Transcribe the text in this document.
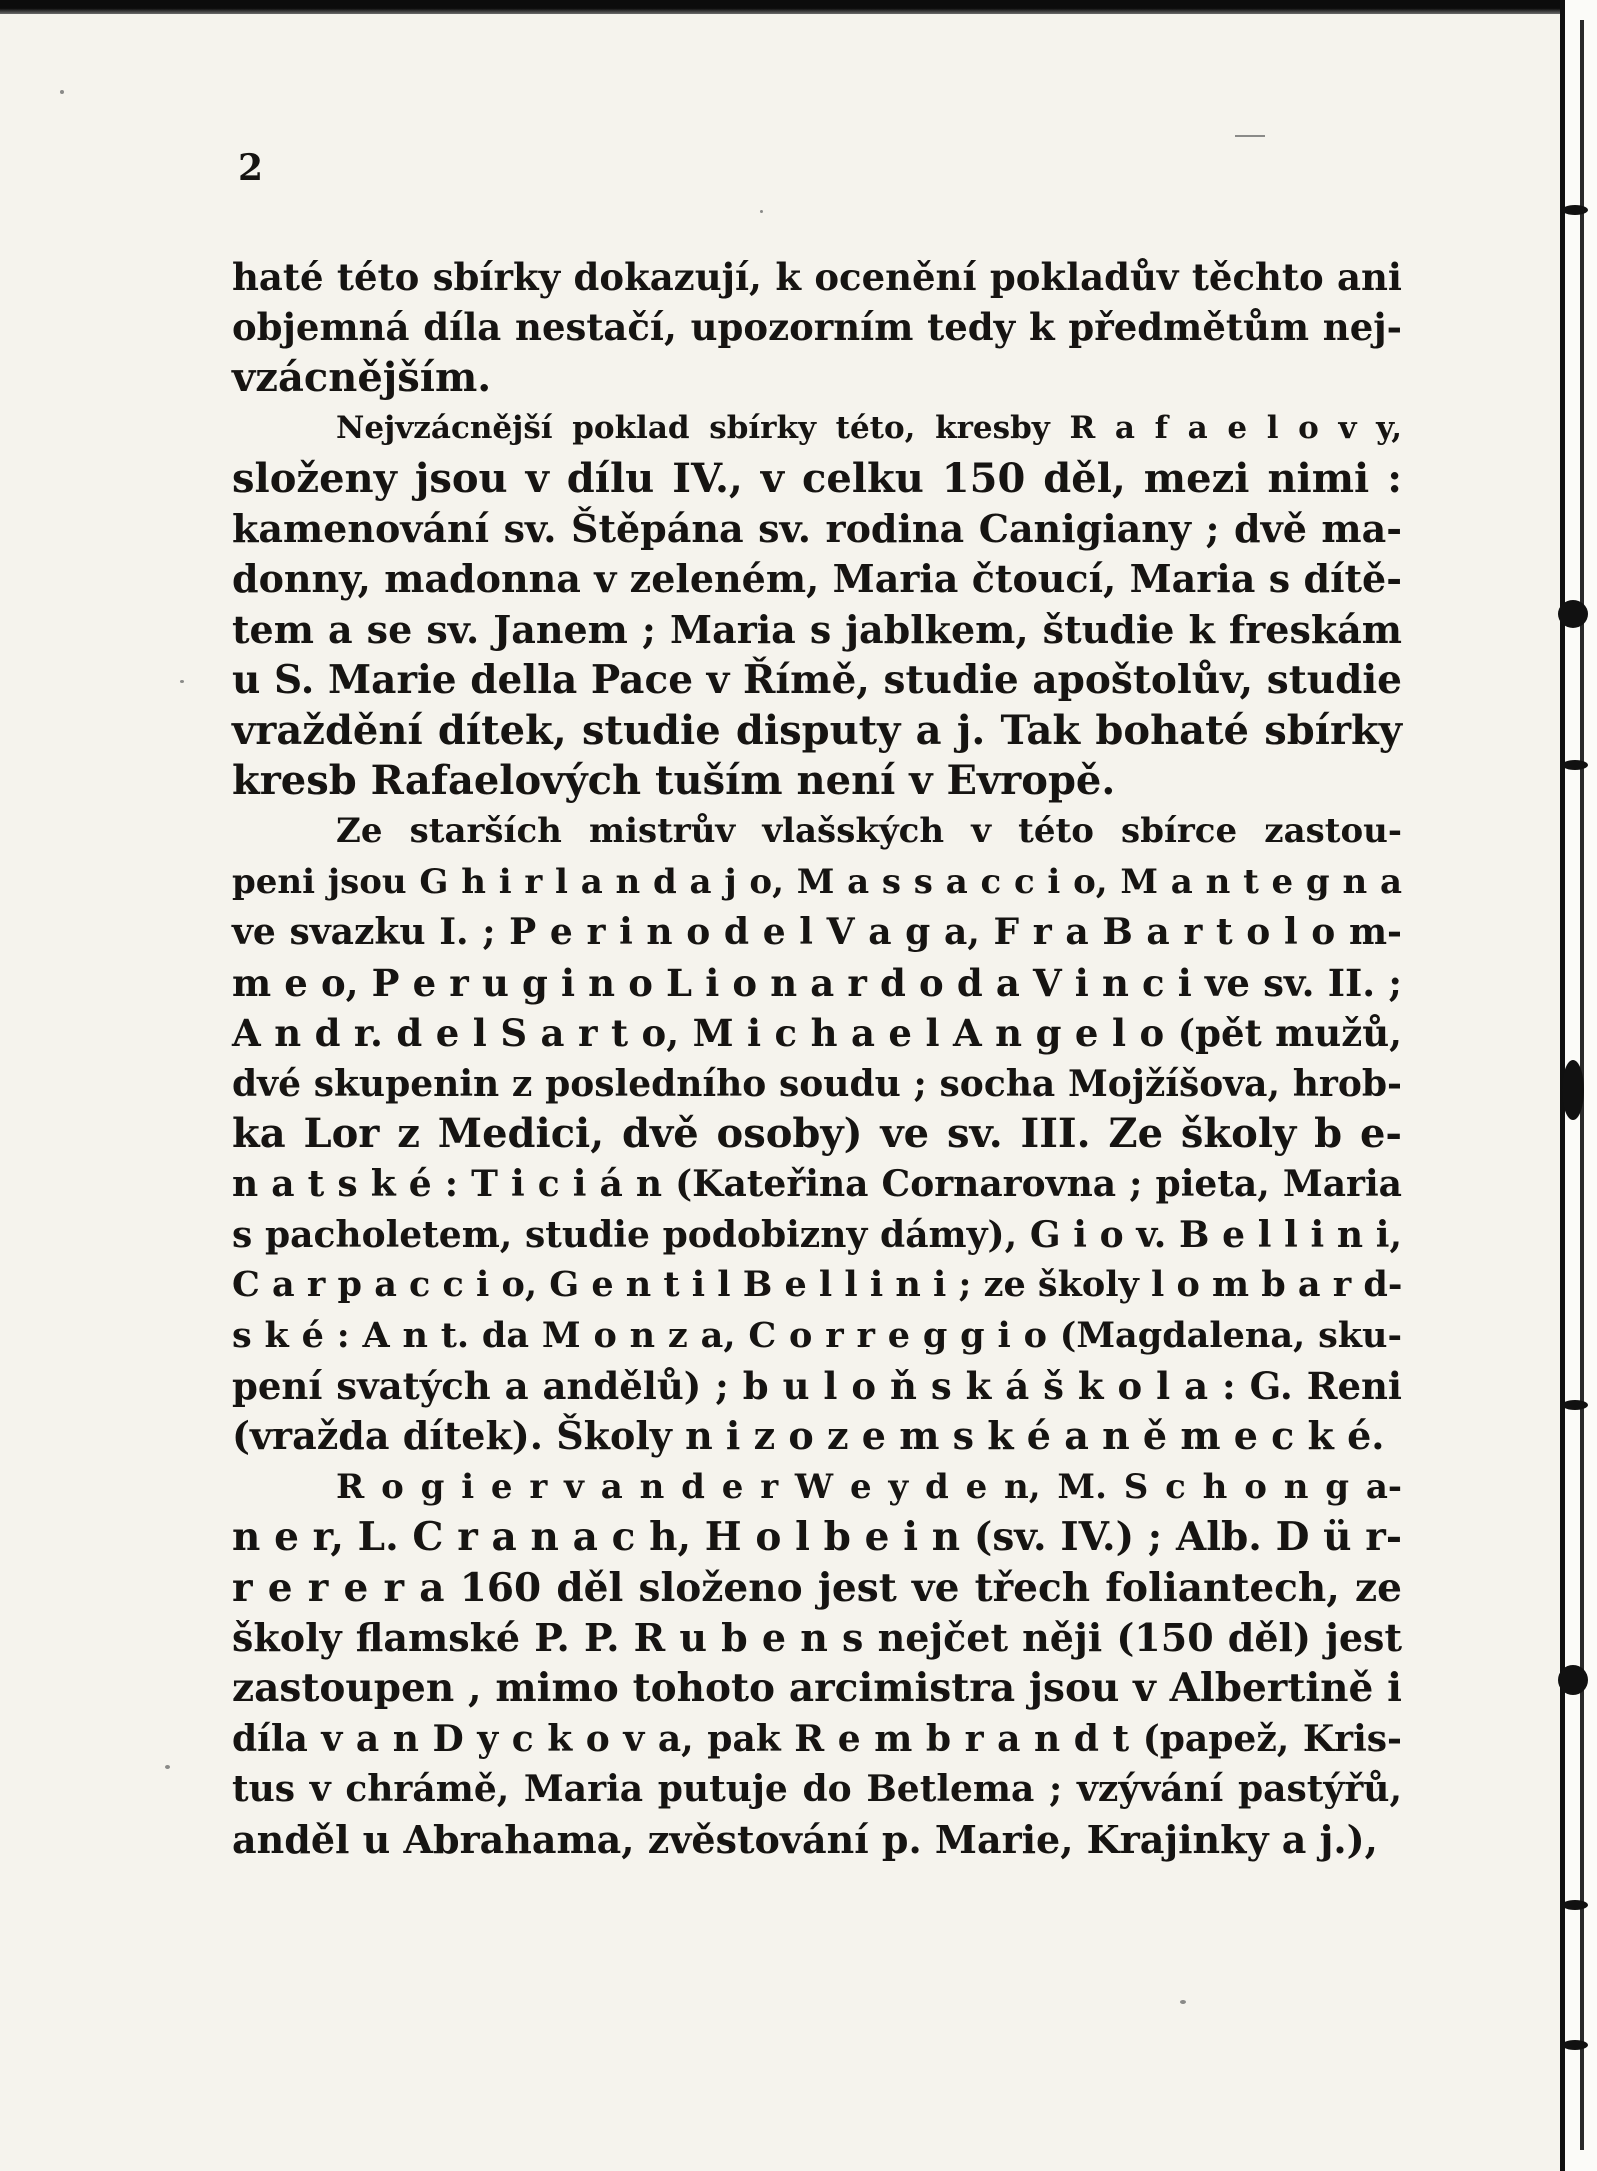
2
haté této sbírky dokazují, k ocenění pokladův těchto ani
objemná díla nestačí, upozorním tedy k předmětům nej-
vzácnějším.
Nejvzácnější poklad sbírky této, kresby R a f a e l o v y,
složeny jsou v dílu IV., v celku 150 děl, mezi nimi :
kamenování sv. Štěpána sv. rodina Canigiany ; dvě ma-
donny, madonna v zeleném, Maria čtoucí, Maria s dítě-
tem a se sv. Janem ; Maria s jablkem, študie k freskám
u S. Marie della Pace v Římě, studie apoštolův, studie
vraždění dítek, studie disputy a j. Tak bohaté sbírky
kresb Rafaelových tuším není v Evropě.
Ze starších mistrův vlašských v této sbírce zastou-
peni jsou G h i r l a n d a j o, M a s s a c c i o, M a n t e g n a
ve svazku I. ; P e r i n o d e l V a g a, F r a B a r t o l o m-
m e o, P e r u g i n o L i o n a r d o d a V i n c i ve sv. II. ;
A n d r. d e l S a r t o, M i c h a e l A n g e l o (pět mužů,
dvé skupenin z posledního soudu ; socha Mojžíšova, hrob-
ka Lor z Medici, dvě osoby) ve sv. III. Ze školy b e-
n a t s k é : T i c i á n (Kateřina Cornarovna ; pieta, Maria
s pacholetem, studie podobizny dámy), G i o v. B e l l i n i,
C a r p a c c i o, G e n t i l B e l l i n i ; ze školy l o m b a r d-
s k é : A n t. da M o n z a, C o r r e g g i o (Magdalena, sku-
pení svatých a andělů) ; b u l o ň s k á š k o l a : G. Reni
(vražda dítek). Školy n i z o z e m s k é a n ě m e c k é.
R o g i e r v a n d e r W e y d e n, M. S c h o n g a-
n e r, L. C r a n a c h, H o l b e i n (sv. IV.) ; Alb. D ü r-
r e r e r a 160 děl složeno jest ve třech foliantech, ze
školy flamské P. P. R u b e n s nejčet něji (150 děl) jest
zastoupen , mimo tohoto arcimistra jsou v Albertině i
díla v a n D y c k o v a, pak R e m b r a n d t (papež, Kris-
tus v chrámě, Maria putuje do Betlema ; vzývání pastýřů,
anděl u Abrahama, zvěstování p. Marie, Krajinky a j.),
